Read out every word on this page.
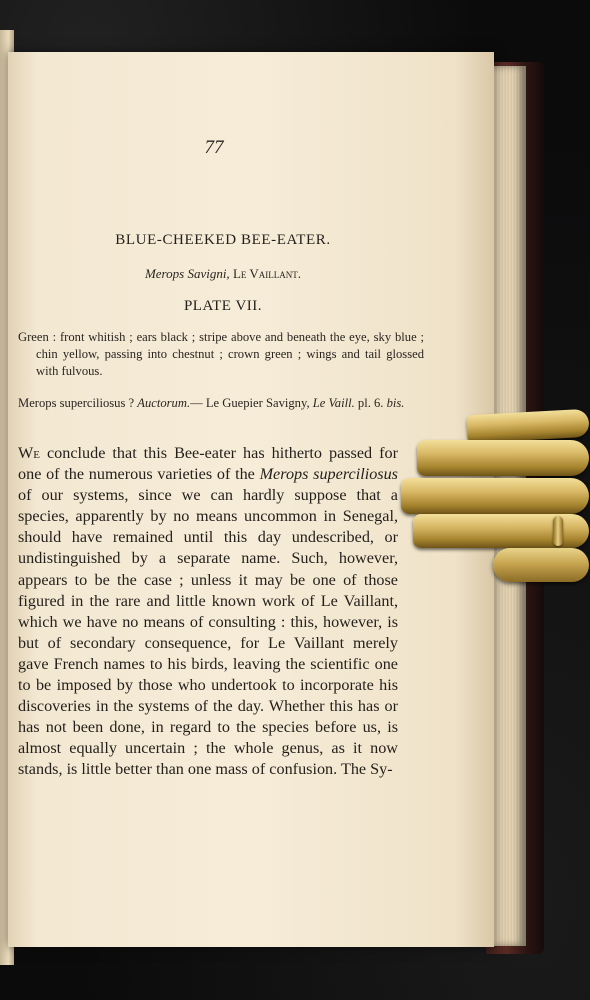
77
BLUE-CHEEKED BEE-EATER.
Merops Savigni, Le Vaillant.
PLATE VII.
Green : front whitish ; ears black ; stripe above and beneath the eye, sky blue ; chin yellow, passing into chestnut ; crown green ; wings and tail glossed with fulvous.
Merops superciliosus ? Auctorum.— Le Guepier Savigny, Le Vaill. pl. 6. bis.
We conclude that this Bee-eater has hitherto passed for one of the numerous varieties of the Merops superciliosus of our systems, since we can hardly suppose that a species, apparently by no means uncommon in Senegal, should have remained until this day undescribed, or undistinguished by a separate name. Such, however, appears to be the case ; unless it may be one of those figured in the rare and little known work of Le Vaillant, which we have no means of consulting : this, however, is but of secondary consequence, for Le Vaillant merely gave French names to his birds, leaving the scientific one to be imposed by those who undertook to incorporate his discoveries in the systems of the day. Whether this has or has not been done, in regard to the species before us, is almost equally uncertain ; the whole genus, as it now stands, is little better than one mass of confusion. The Sy-
